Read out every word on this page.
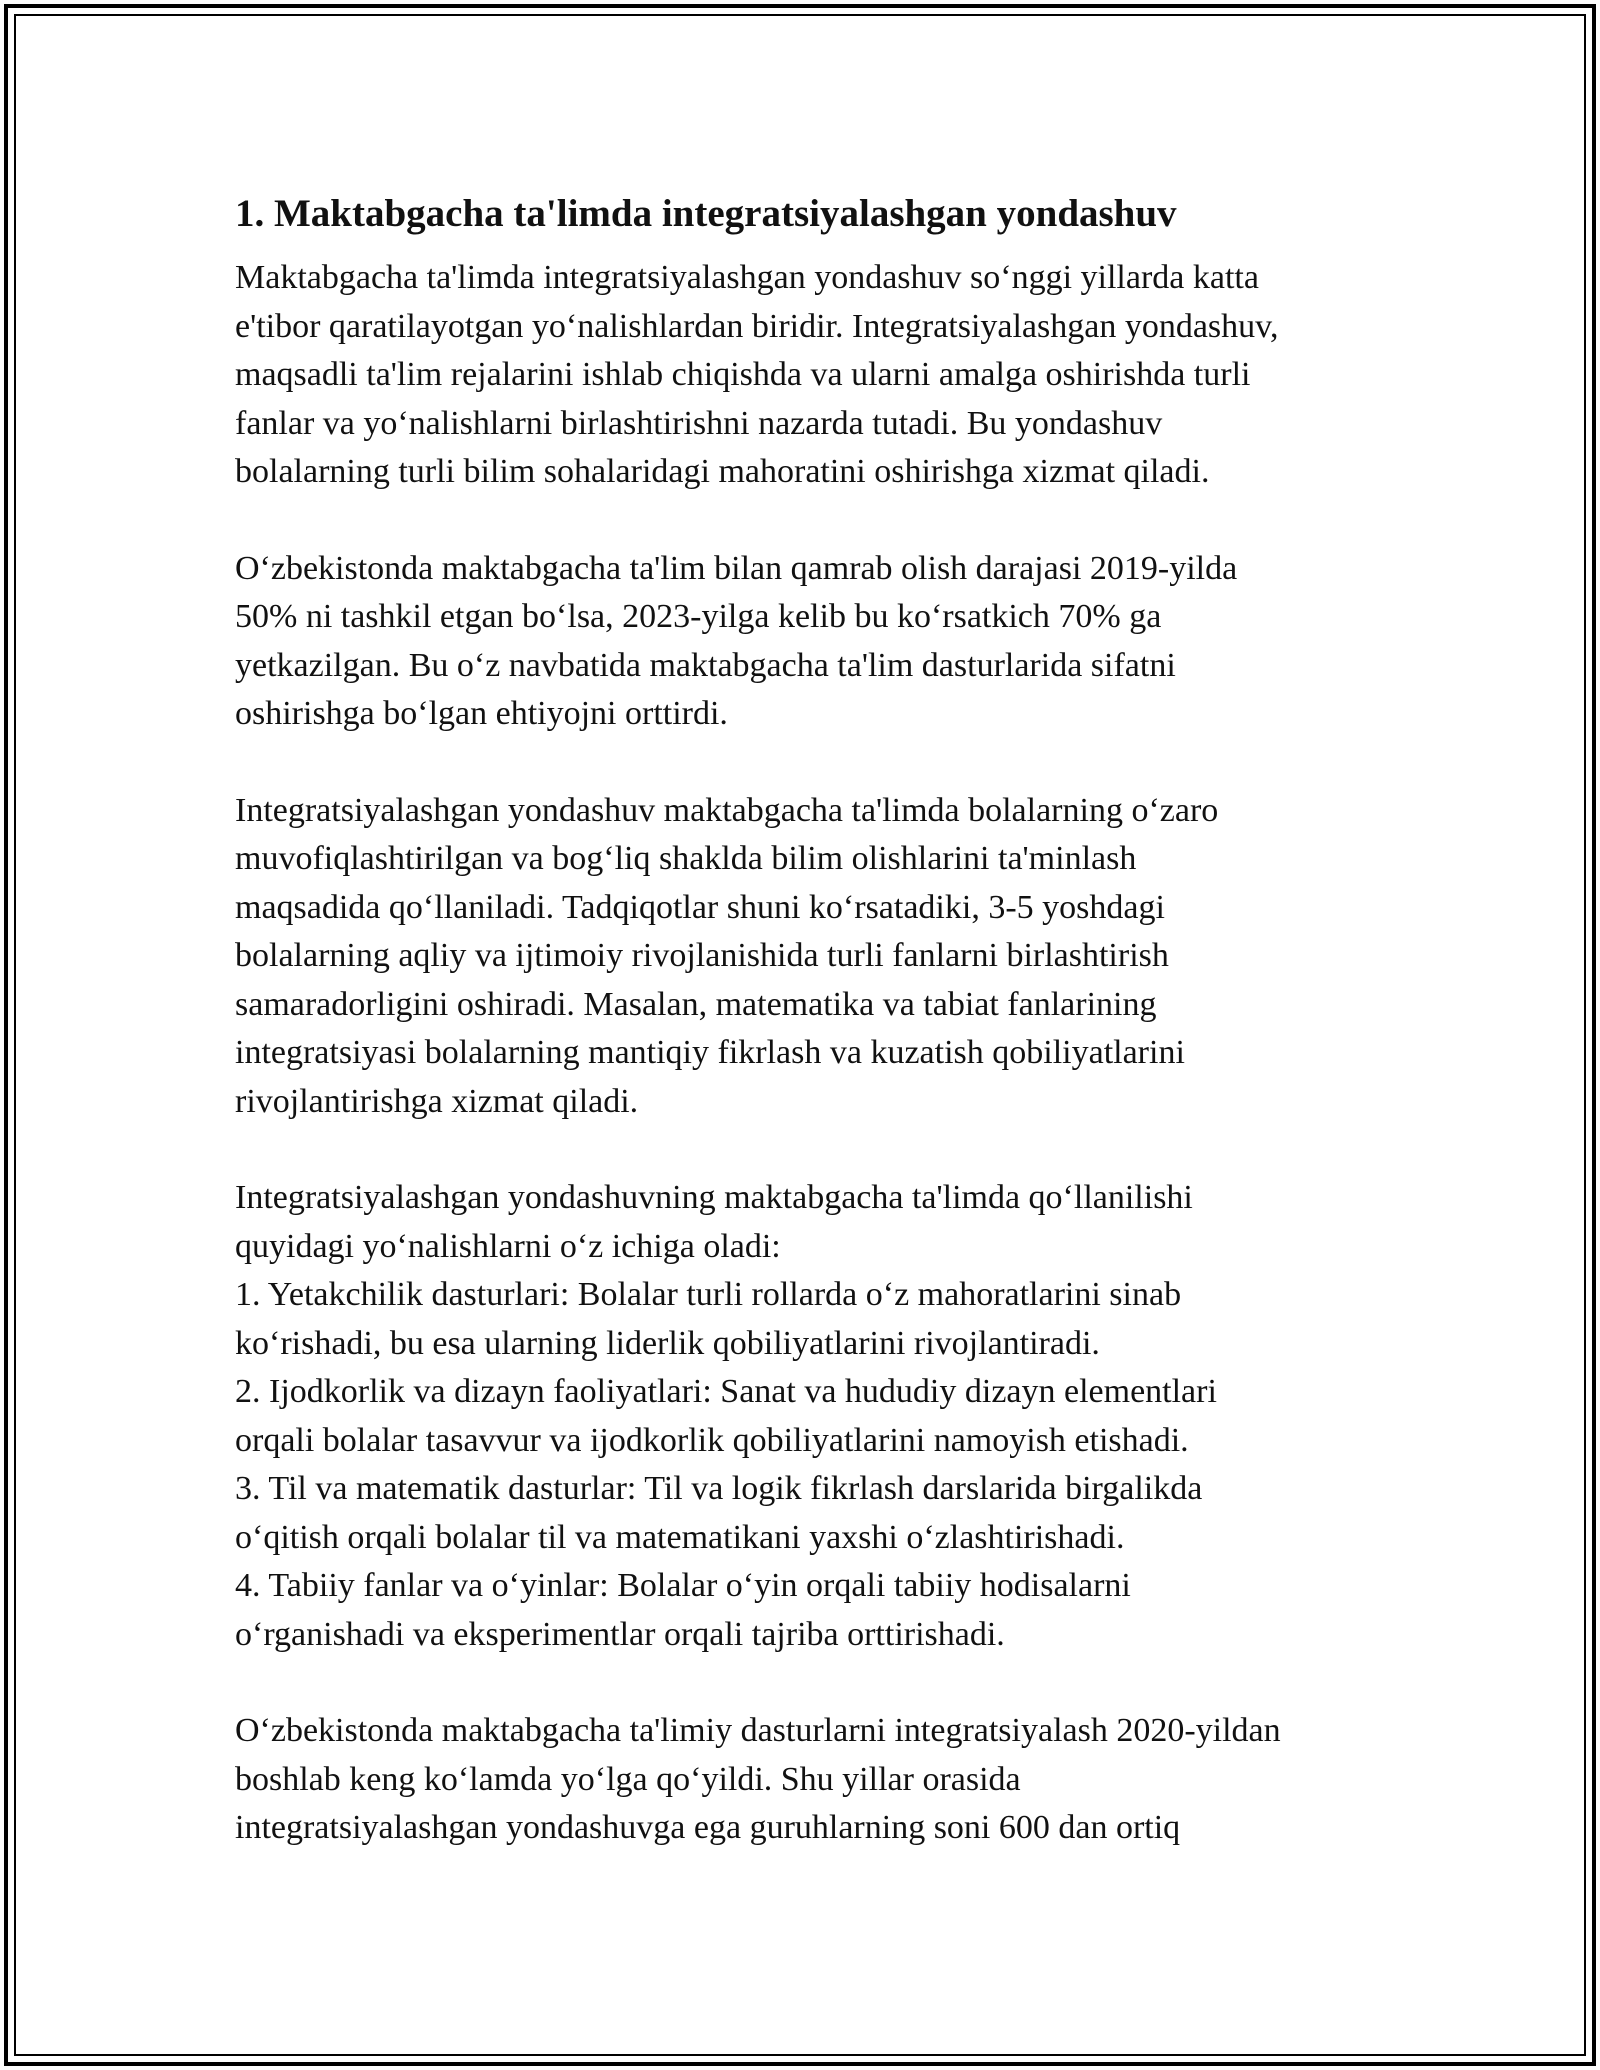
1. Maktabgacha ta'limda integratsiyalashgan yondashuv

Maktabgacha ta'limda integratsiyalashgan yondashuv so‘nggi yillarda katta
e'tibor qaratilayotgan yo‘nalishlardan biridir. Integratsiyalashgan yondashuv,
maqsadli ta'lim rejalarini ishlab chiqishda va ularni amalga oshirishda turli
fanlar va yo‘nalishlarni birlashtirishni nazarda tutadi. Bu yondashuv
bolalarning turli bilim sohalaridagi mahoratini oshirishga xizmat qiladi.

O‘zbekistonda maktabgacha ta'lim bilan qamrab olish darajasi 2019-yilda
50% ni tashkil etgan bo‘lsa, 2023-yilga kelib bu ko‘rsatkich 70% ga
yetkazilgan. Bu o‘z navbatida maktabgacha ta'lim dasturlarida sifatni
oshirishga bo‘lgan ehtiyojni orttirdi.

Integratsiyalashgan yondashuv maktabgacha ta'limda bolalarning o‘zaro
muvofiqlashtirilgan va bog‘liq shakldа bilim olishlarini ta'minlash
maqsadida qo‘llaniladi. Tadqiqotlar shuni ko‘rsatadiki, 3-5 yoshdagi
bolalarning aqliy va ijtimoiy rivojlanishida turli fanlarni birlashtirish
samaradorligini oshiradi. Masalan, matematika va tabiat fanlarining
integratsiyasi bolalarning mantiqiy fikrlash va kuzatish qobiliyatlarini
rivojlantirishga xizmat qiladi.

Integratsiyalashgan yondashuvning maktabgacha ta'limda qo‘llanilishi
quyidagi yo‘nalishlarni o‘z ichiga oladi:
1. Yetakchilik dasturlari: Bolalar turli rollarda o‘z mahoratlarini sinab
ko‘rishadi, bu esa ularning liderlik qobiliyatlarini rivojlantiradi.
2. Ijodkorlik va dizayn faoliyatlari: Sanat va hududiy dizayn elementlari
orqali bolalar tasavvur va ijodkorlik qobiliyatlarini namoyish etishadi.
3. Til va matematik dasturlar: Til va logik fikrlash darslarida birgalikda
o‘qitish orqali bolalar til va matematikani yaxshi o‘zlashtirishadi.
4. Tabiiy fanlar va o‘yinlar: Bolalar o‘yin orqali tabiiy hodisalarni
o‘rganishadi va eksperimentlar orqali tajriba orttirishadi.

O‘zbekistonda maktabgacha ta'limiy dasturlarni integratsiyalash 2020-yildan
boshlab keng ko‘lamda yo‘lga qo‘yildi. Shu yillar orasida
integratsiyalashgan yondashuvga ega guruhlarning soni 600 dan ortiq
